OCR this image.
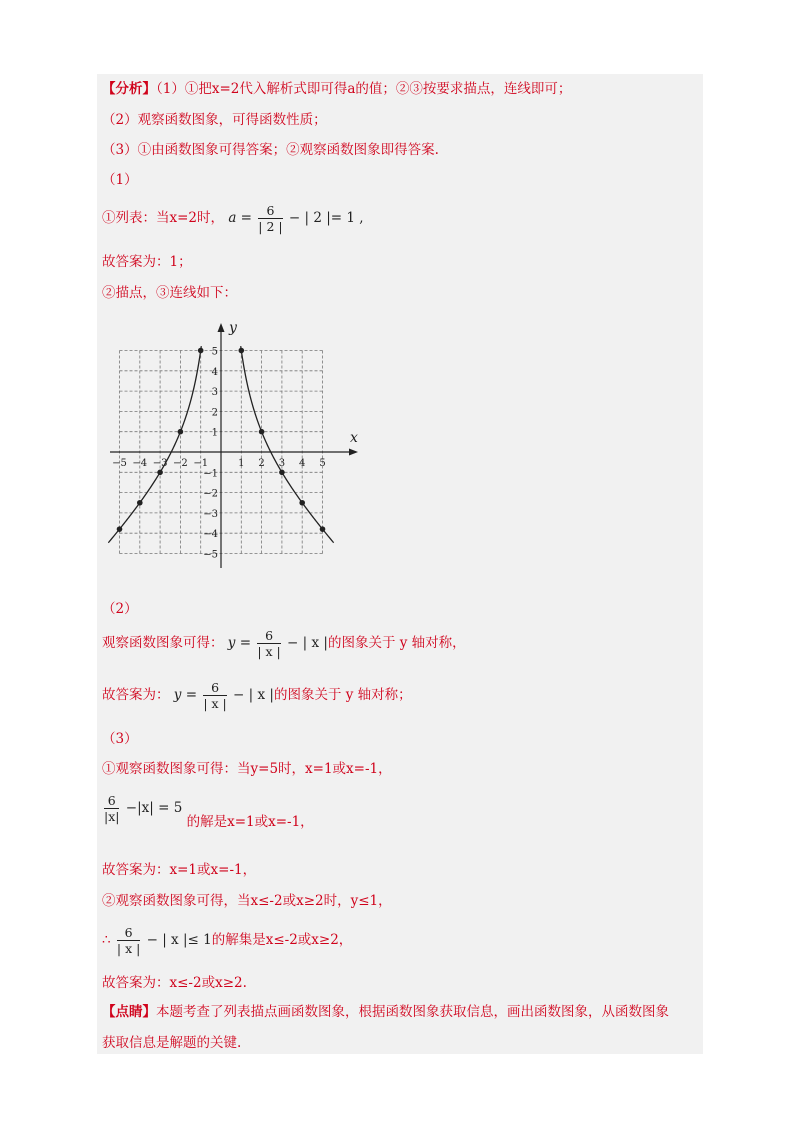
【分析】（1）①把x=2代入解析式即可得a的值；②③按要求描点，连线即可；
（2）观察函数图象，可得函数性质；
（3）①由函数图象可得答案；②观察函数图象即得答案.
（1）
①列表：当x=2时， $a = \frac{6}{| 2 |}$ − | 2 |= 1 ,
故答案为：1；
②描点，③连线如下：
x
y
−5 −4 −3 −2 −1	1 2 3 4 5
1
2
3
4
5
−1
−2
−3
−4
−5
（2）
观察函数图象可得： $y = \frac{6}{| x |}$ − | x |的图象关于 y 轴对称，
故答案为： $y = \frac{6}{| x |}$ − | x |的图象关于 y 轴对称；
（3）
①观察函数图象可得：当y=5时，x=1或x=-1，
$\frac{6}{|x|} -|x| = 5$ 的解是x=1或x=-1，
故答案为：x=1或x=-1，
②观察函数图象可得，当x≤-2或x≥2时，y≤1，
∴ $\frac{6}{| x |}$ − | x |≤ 1的解集是x≤-2或x≥2，
故答案为：x≤-2或x≥2.
【点睛】本题考查了列表描点画函数图象，根据函数图象获取信息，画出函数图象，从函数图象
获取信息是解题的关键.
